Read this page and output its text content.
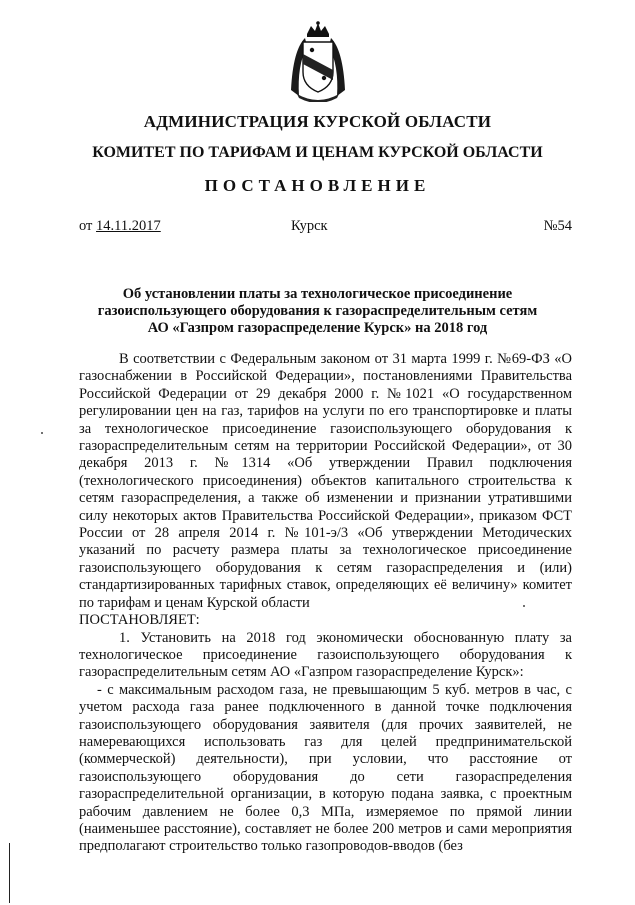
АДМИНИСТРАЦИЯ КУРСКОЙ ОБЛАСТИ
КОМИТЕТ ПО ТАРИФАМ И ЦЕНАМ КУРСКОЙ ОБЛАСТИ
ПОСТАНОВЛЕНИЕ
от 14.11.2017	Курск	№54
Об установлении платы за технологическое присоединение
газоиспользующего оборудования к газораспределительным сетям
АО «Газпром газораспределение Курск» на 2018 год

В соответствии с Федеральным законом от 31 марта 1999 г. №69-ФЗ «О газоснабжении в Российской Федерации», постановлениями Правительства Российской Федерации от 29 декабря 2000 г. №1021 «О государственном регулировании цен на газ, тарифов на услуги по его транспортировке и платы за технологическое присоединение газоиспользующего оборудования к газораспределительным сетям на территории Российской Федерации», от 30 декабря 2013 г. №1314 «Об утверждении Правил подключения (технологического присоединения) объектов капитального строительства к сетям газораспределения, а также об изменении и признании утратившими силу некоторых актов Правительства Российской Федерации», приказом ФСТ России от 28 апреля 2014 г. №101-э/3 «Об утверждении Методических указаний по расчету размера платы за технологическое присоединение газоиспользующего оборудования к сетям газораспределения и (или) стандартизированных тарифных ставок, определяющих её величину» комитет по тарифам и ценам Курской области

ПОСТАНОВЛЯЕТ:

1. Установить на 2018 год экономически обоснованную плату за технологическое присоединение газоиспользующего оборудования к газораспределительным сетям АО «Газпром газораспределение Курск»:

- с максимальным расходом газа, не превышающим 5 куб. метров в час, с учетом расхода газа ранее подключенного в данной точке подключения газоиспользующего оборудования заявителя (для прочих заявителей, не намеревающихся использовать газ для целей предпринимательской (коммерческой) деятельности), при условии, что расстояние от газоиспользующего оборудования до сети газораспределения газораспределительной организации, в которую подана заявка, с проектным рабочим давлением не более 0,3 МПа, измеряемое по прямой линии (наименьшее расстояние), составляет не более 200 метров и сами мероприятия предполагают строительство только газопроводов-вводов (без
